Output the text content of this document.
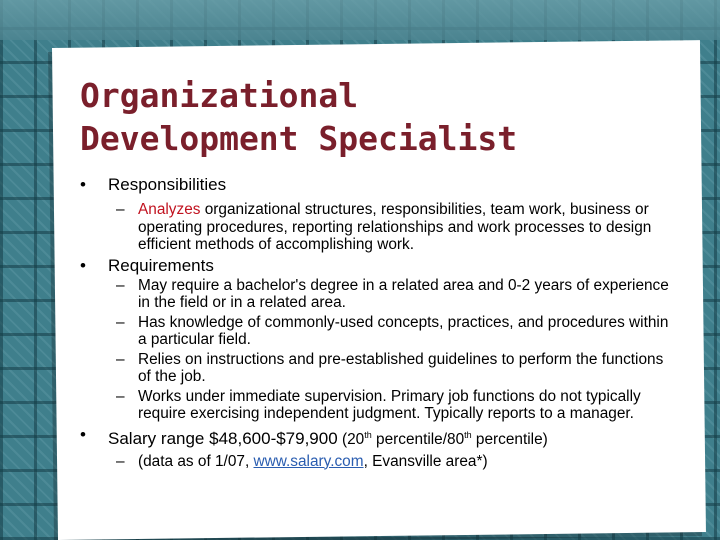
Organizational
Development Specialist
• Responsibilities
– Analyzes organizational structures, responsibilities, team work, business or operating procedures, reporting relationships and work processes to design efficient methods of accomplishing work.
• Requirements
– May require a bachelor's degree in a related area and 0-2 years of experience in the field or in a related area.
– Has knowledge of commonly-used concepts, practices, and procedures within a particular field.
– Relies on instructions and pre-established guidelines to perform the functions of the job.
– Works under immediate supervision. Primary job functions do not typically require exercising independent judgment. Typically reports to a manager.
• Salary range $48,600-$79,900 (20th percentile/80th percentile)
– (data as of 1/07, www.salary.com, Evansville area*)
